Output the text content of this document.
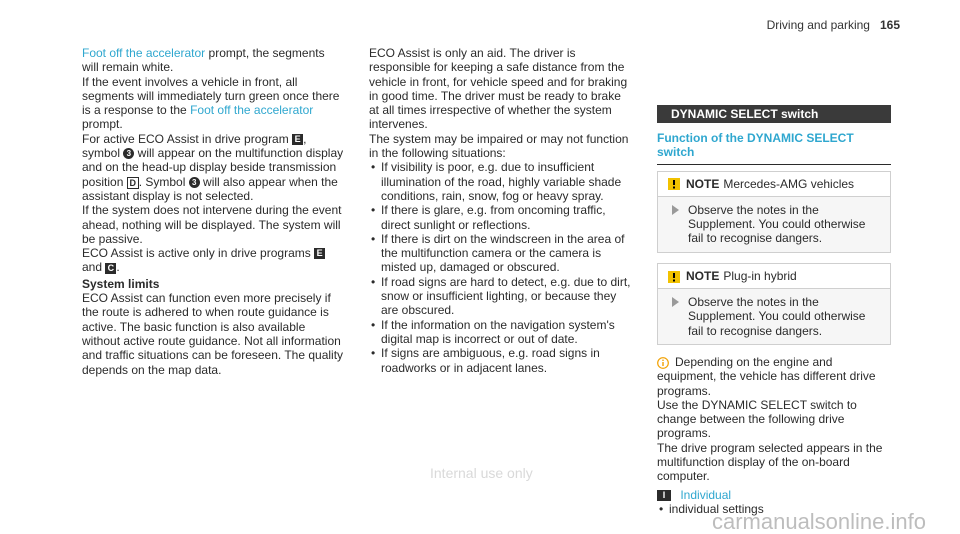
Driving and parking 165

Foot off the accelerator prompt, the segments will remain white.

If the event involves a vehicle in front, all segments will immediately turn green once there is a response to the Foot off the accelerator prompt.

For active ECO Assist in drive program E , symbol 3 will appear on the multifunction display and on the head-up display beside transmission position D . Symbol 3 will also appear when the assistant display is not selected.

If the system does not intervene during the event ahead, nothing will be displayed. The system will be passive.

ECO Assist is active only in drive programs E and C .

System limits

ECO Assist can function even more precisely if the route is adhered to when route guidance is active. The basic function is also available without active route guidance. Not all information and traffic situations can be foreseen. The quality depends on the map data.

ECO Assist is only an aid. The driver is responsible for keeping a safe distance from the vehicle in front, for vehicle speed and for braking in good time. The driver must be ready to brake at all times irrespective of whether the system intervenes.

The system may be impaired or may not function in the following situations:

• If visibility is poor, e.g. due to insufficient illumination of the road, highly variable shade conditions, rain, snow, fog or heavy spray.
• If there is glare, e.g. from oncoming traffic, direct sunlight or reflections.
• If there is dirt on the windscreen in the area of the multifunction camera or the camera is misted up, damaged or obscured.
• If road signs are hard to detect, e.g. due to dirt, snow or insufficient lighting, or because they are obscured.
• If the information on the navigation system's digital map is incorrect or out of date.
• If signs are ambiguous, e.g. road signs in roadworks or in adjacent lanes.
DYNAMIC SELECT switch
Function of the DYNAMIC SELECT switch
NOTE Mercedes-AMG vehicles
Observe the notes in the Supplement. You could otherwise fail to recognise dangers.
NOTE Plug-in hybrid
Observe the notes in the Supplement. You could otherwise fail to recognise dangers.

Depending on the engine and equipment, the vehicle has different drive programs.

Use the DYNAMIC SELECT switch to change between the following drive programs.

The drive program selected appears in the multifunction display of the on-board computer.

I Individual

• individual settings
Internal use only
carmanualsonline.info
